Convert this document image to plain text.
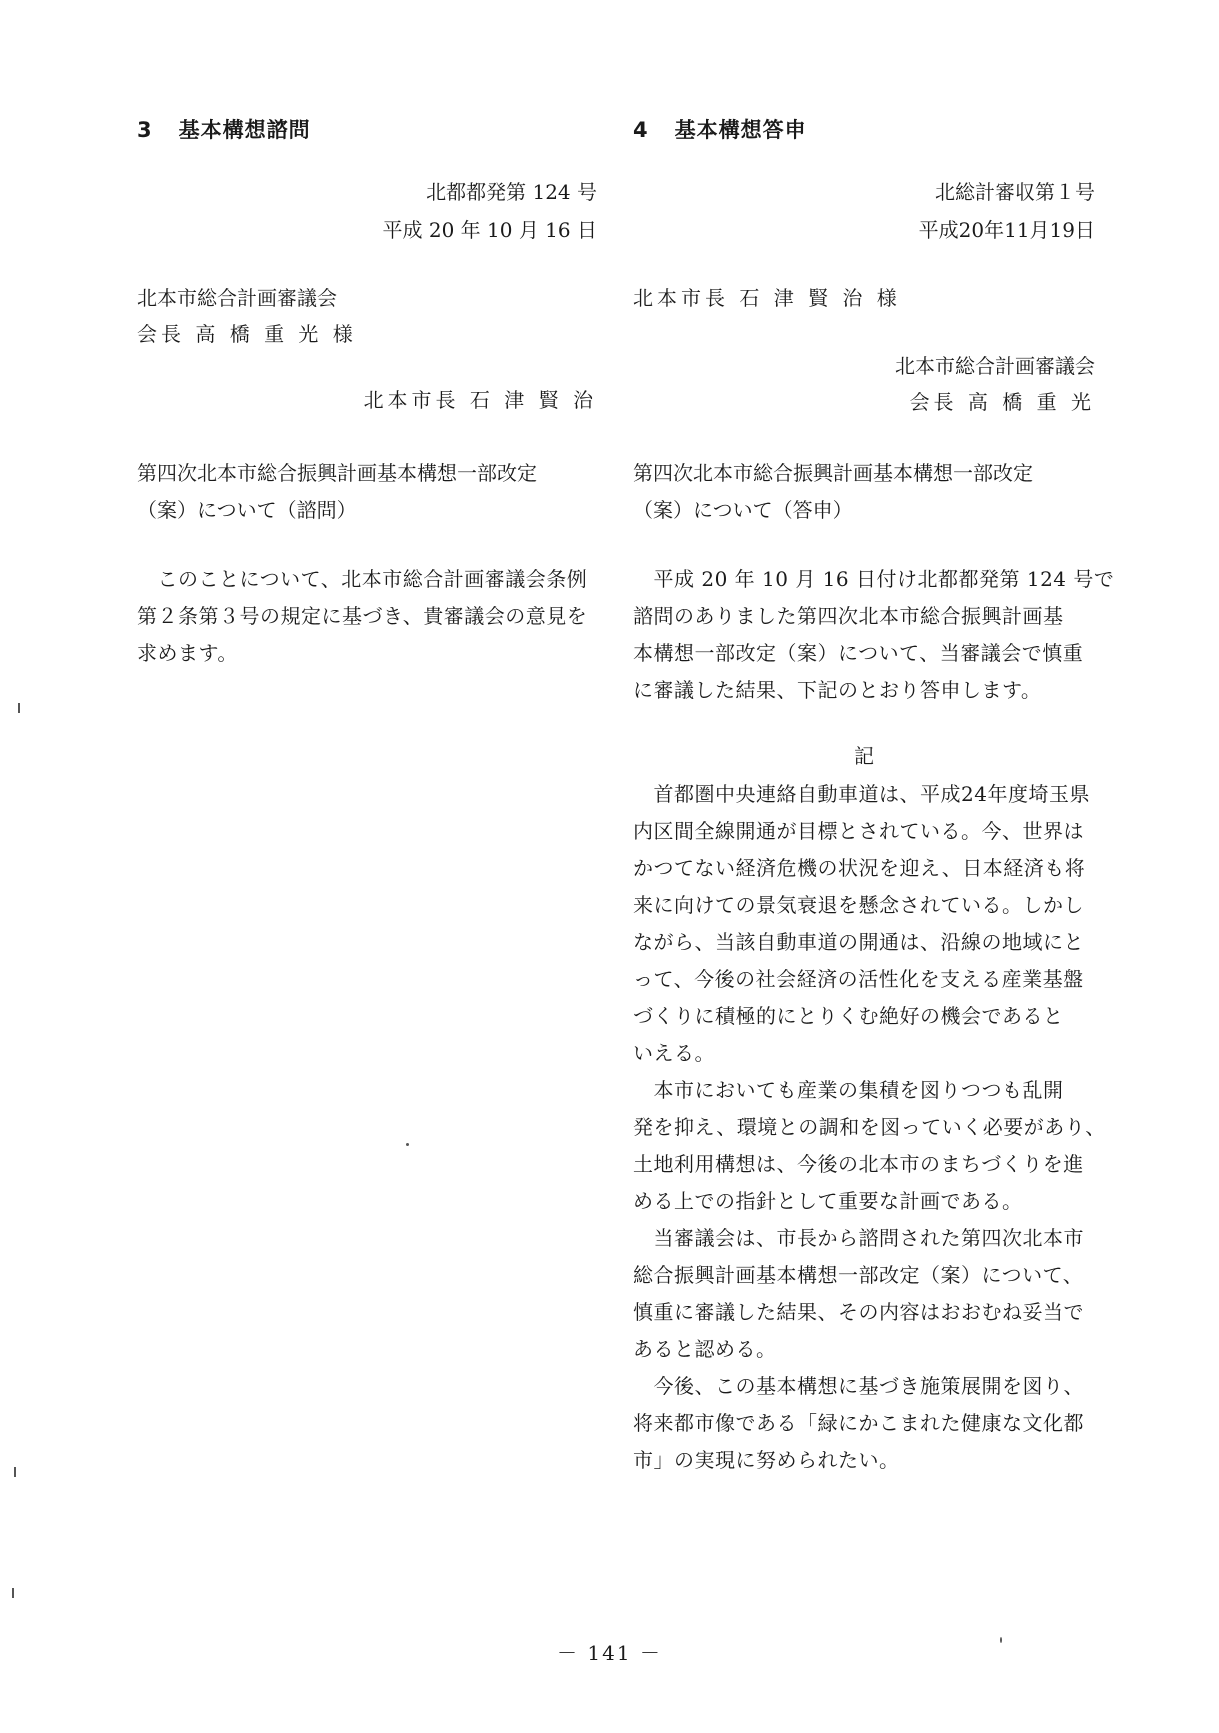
3 基本構想諮問
北都都発第 124 号
平成 20 年 10 月 16 日
北本市総合計画審議会
会長 高 橋 重 光 様
北本市長 石 津 賢 治
第四次北本市総合振興計画基本構想一部改定
（案）について（諮問）
　このことについて、北本市総合計画審議会条例
第２条第３号の規定に基づき、貴審議会の意見を
求めます。
4 基本構想答申
北総計審収第１号
平成20年11月19日
北本市長 石 津 賢 治 様
北本市総合計画審議会
会長 高 橋 重 光
第四次北本市総合振興計画基本構想一部改定
（案）について（答申）
　平成 20 年 10 月 16 日付け北都都発第 124 号で
諮問のありました第四次北本市総合振興計画基
本構想一部改定（案）について、当審議会で慎重
に審議した結果、下記のとおり答申します。
記
　首都圏中央連絡自動車道は、平成24年度埼玉県
内区間全線開通が目標とされている。今、世界は
かつてない経済危機の状況を迎え、日本経済も将
来に向けての景気衰退を懸念されている。しかし
ながら、当該自動車道の開通は、沿線の地域にと
って、今後の社会経済の活性化を支える産業基盤
づくりに積極的にとりくむ絶好の機会であると
いえる。
　本市においても産業の集積を図りつつも乱開
発を抑え、環境との調和を図っていく必要があり、
土地利用構想は、今後の北本市のまちづくりを進
める上での指針として重要な計画である。
　当審議会は、市長から諮問された第四次北本市
総合振興計画基本構想一部改定（案）について、
慎重に審議した結果、その内容はおおむね妥当で
あると認める。
　今後、この基本構想に基づき施策展開を図り、
将来都市像である「緑にかこまれた健康な文化都
市」の実現に努められたい。
－ 141 －
